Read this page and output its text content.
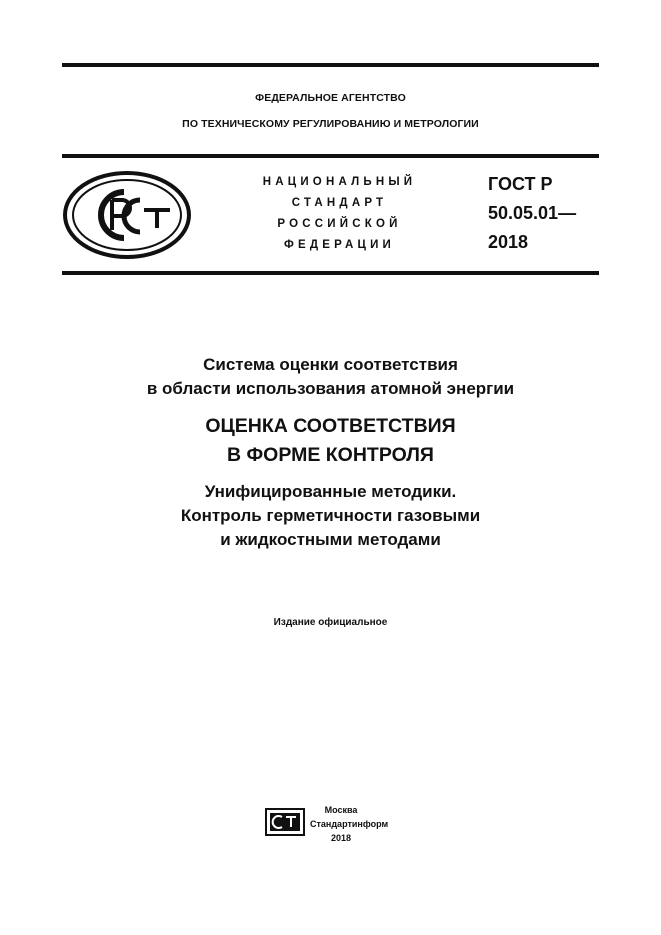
ФЕДЕРАЛЬНОЕ АГЕНТСТВО
ПО ТЕХНИЧЕСКОМУ РЕГУЛИРОВАНИЮ И МЕТРОЛОГИИ
НАЦИОНАЛЬНЫЙ
СТАНДАРТ
РОССИЙСКОЙ
ФЕДЕРАЦИИ
ГОСТ Р
50.05.01—
2018
Система оценки соответствия
в области использования атомной энергии
ОЦЕНКА СООТВЕТСТВИЯ
В ФОРМЕ КОНТРОЛЯ
Унифицированные методики.
Контроль герметичности газовыми
и жидкостными методами
Издание официальное
Москва
Стандартинформ
2018
